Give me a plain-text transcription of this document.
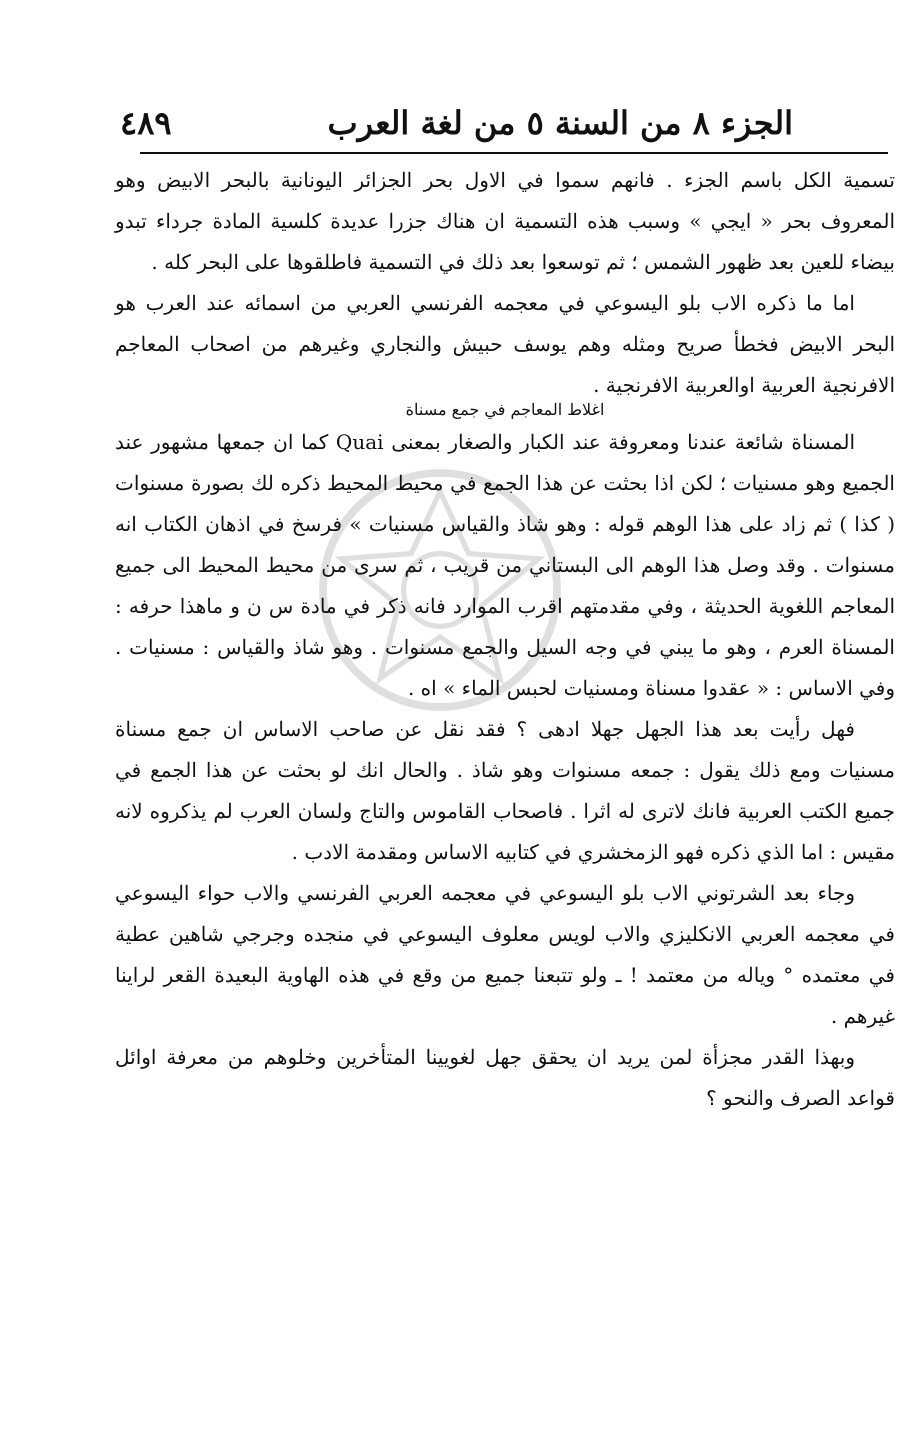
الجزء ٨ من السنة ٥ من لغة العرب
٤٨٩

تسمية الكل باسم الجزء . فانهم سموا في الاول بحر الجزائر اليونانية بالبحر الابيض وهو المعروف بحر « ايجي » وسبب هذه التسمية ان هناك جزرا عديدة كلسية المادة جرداء تبدو بيضاء للعين بعد ظهور الشمس ؛ ثم توسعوا بعد ذلك في التسمية فاطلقوها على البحر كله .

اما ما ذكره الاب بلو اليسوعي في معجمه الفرنسي العربي من اسمائه عند العرب هو البحر الابيض فخطأ صريح ومثله وهم يوسف حبيش والنجاري وغيرهم من اصحاب المعاجم الافرنجية العربية اوالعربية الافرنجية .

اغلاط المعاجم في جمع مسناة

المسناة شائعة عندنا ومعروفة عند الكبار والصغار بمعنى Quai كما ان جمعها مشهور عند الجميع وهو مسنيات ؛ لكن اذا بحثت عن هذا الجمع في محيط المحيط ذكره لك بصورة مسنوات ( كذا ) ثم زاد على هذا الوهم قوله : وهو شاذ والقياس مسنيات » فرسخ في اذهان الكتاب انه مسنوات . وقد وصل هذا الوهم الى البستاني من قريب ، ثم سرى من محيط المحيط الى جميع المعاجم اللغوية الحديثة ، وفي مقدمتهم اقرب الموارد فانه ذكر في مادة س ن و ماهذا حرفه : المسناة العرم ، وهو ما يبني في وجه السيل والجمع مسنوات . وهو شاذ والقياس : مسنيات . وفي الاساس : « عقدوا مسناة ومسنيات لحبس الماء » اه .

فهل رأيت بعد هذا الجهل جهلا ادهى ؟ فقد نقل عن صاحب الاساس ان جمع مسناة مسنيات ومع ذلك يقول : جمعه مسنوات وهو شاذ . والحال انك لو بحثت عن هذا الجمع في جميع الكتب العربية فانك لاترى له اثرا . فاصحاب القاموس والتاج ولسان العرب لم يذكروه لانه مقيس : اما الذي ذكره فهو الزمخشري في كتابيه الاساس ومقدمة الادب .

وجاء بعد الشرتوني الاب بلو اليسوعي في معجمه العربي الفرنسي والاب حواء اليسوعي في معجمه العربي الانكليزي والاب لويس معلوف اليسوعي في منجده وجرجي شاهين عطية في معتمده ° وياله من معتمد ! ـ ولو تتبعنا جميع من وقع في هذه الهاوية البعيدة القعر لراينا غيرهم .

وبهذا القدر مجزأة لمن يريد ان يحقق جهل لغويينا المتأخرين وخلوهم من معرفة اوائل قواعد الصرف والنحو ؟
